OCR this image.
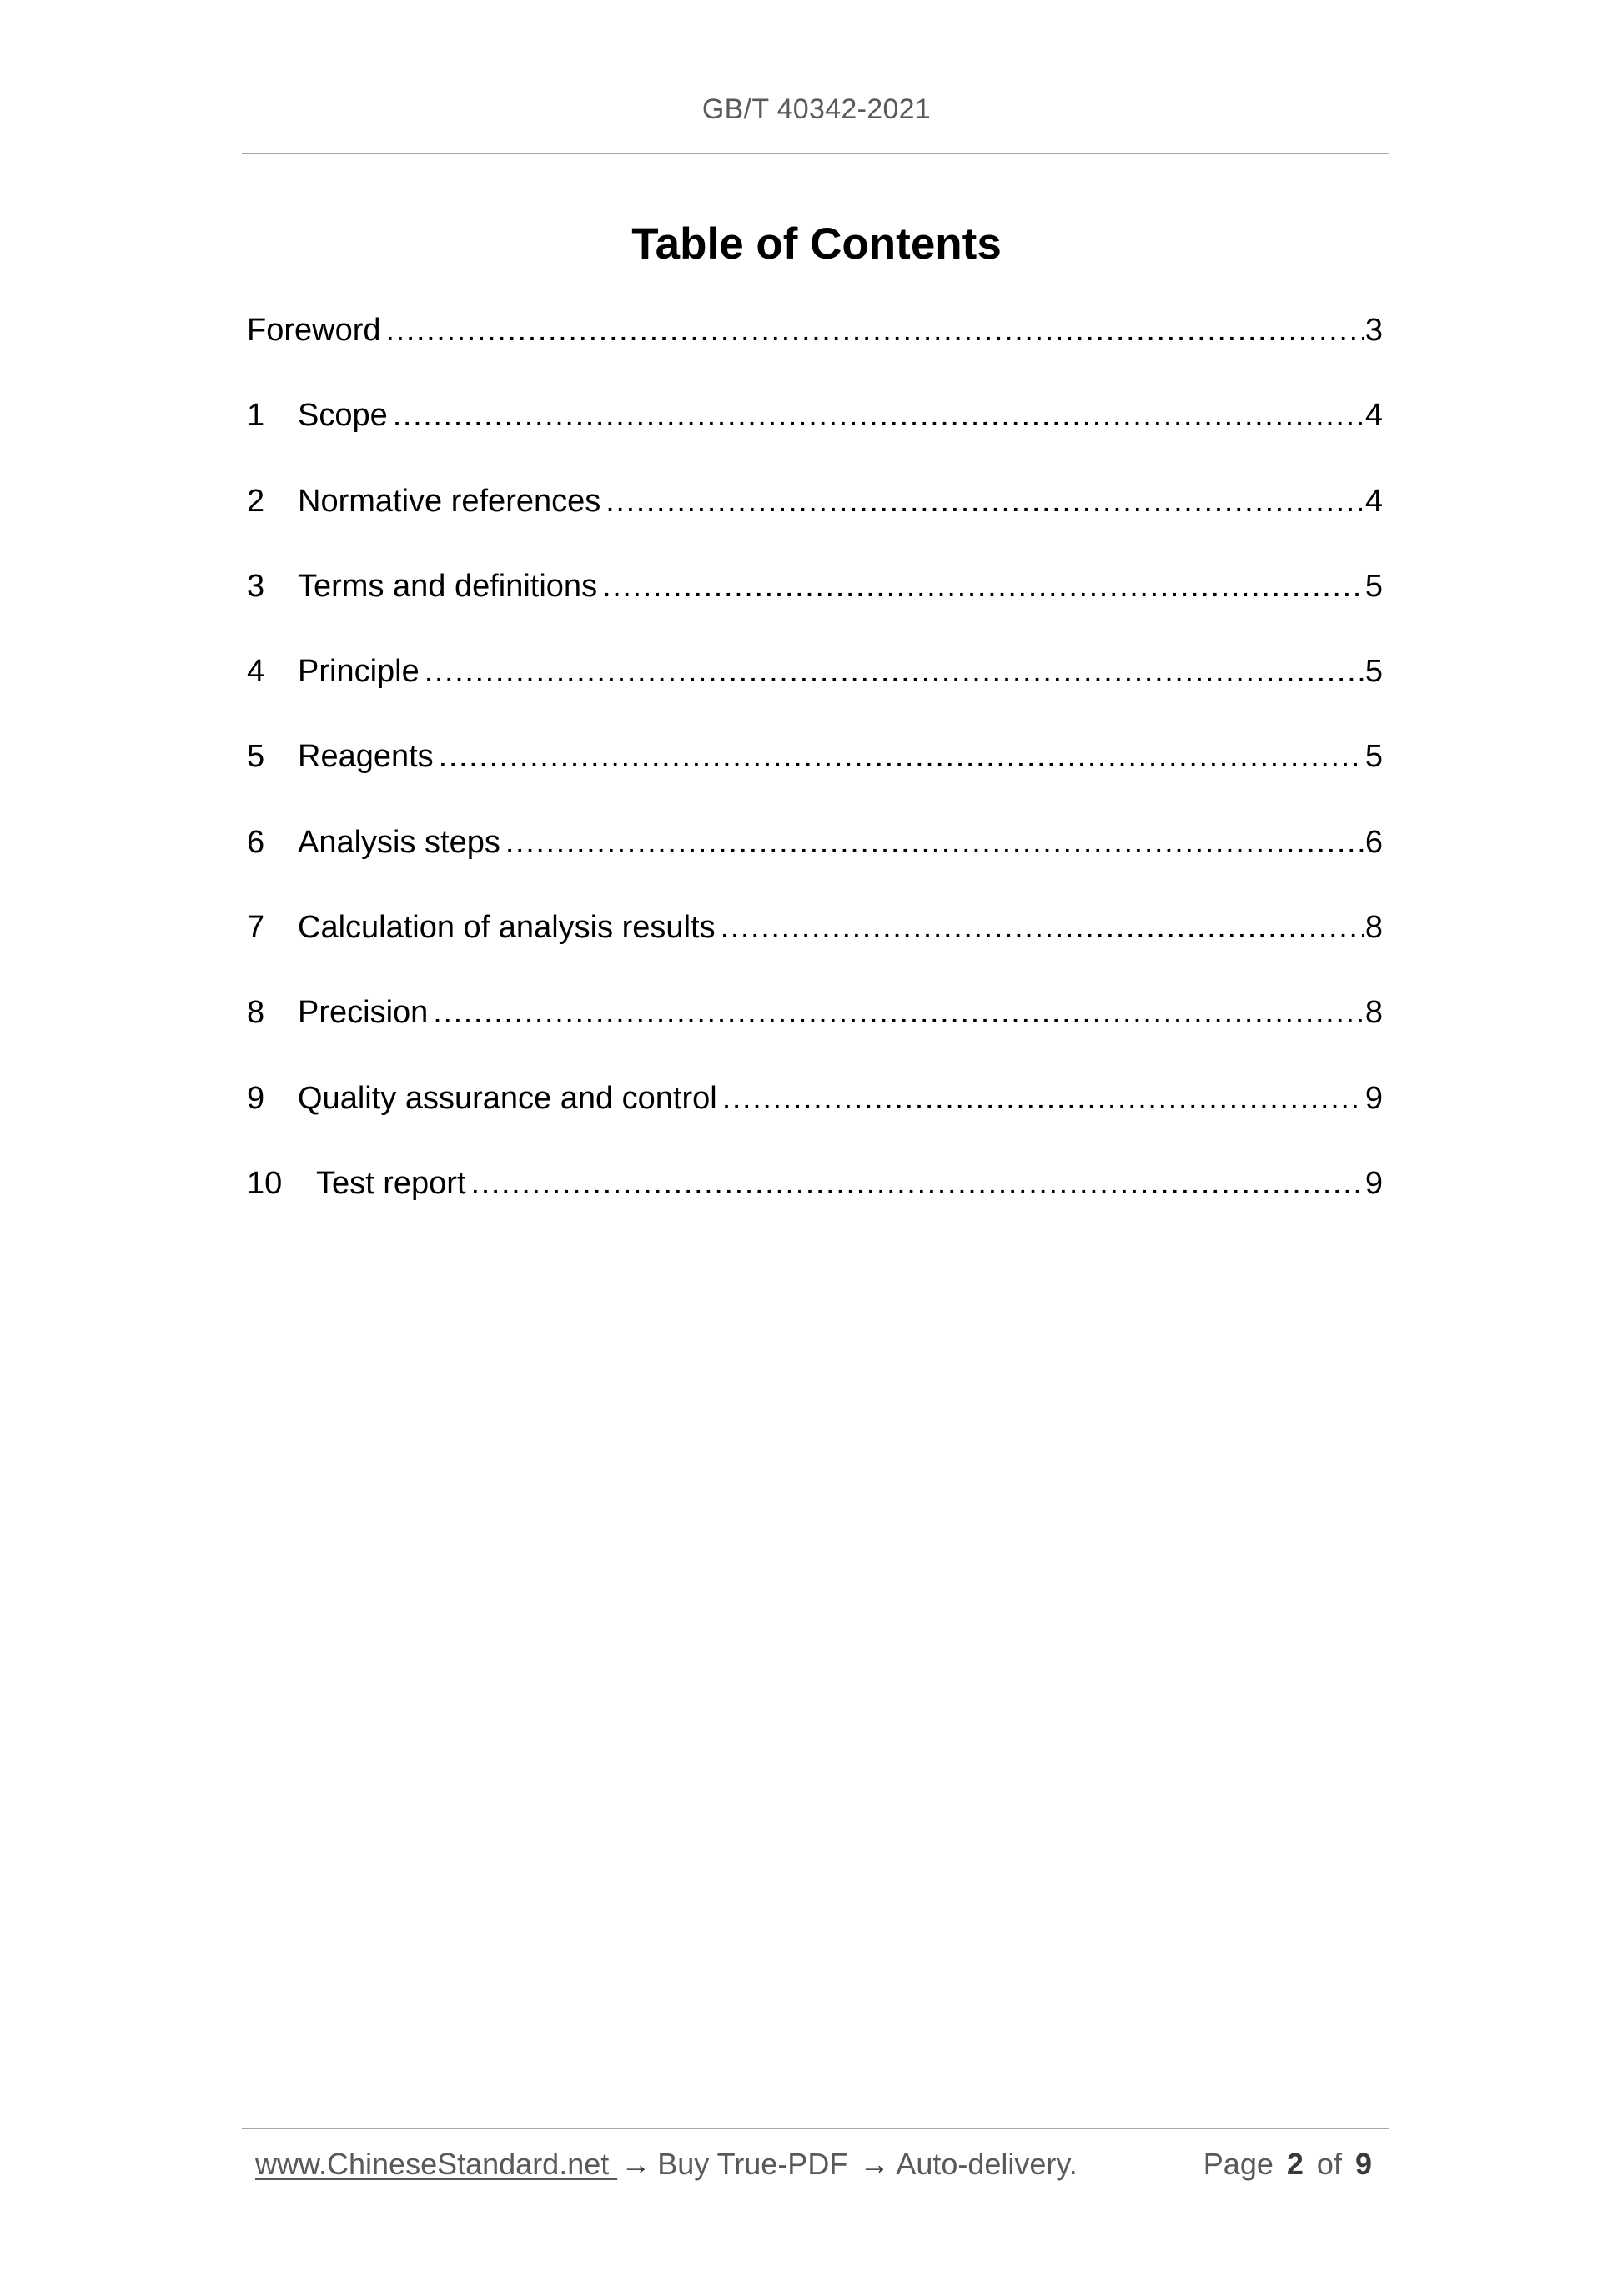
GB/T 40342-2021
Table of Contents
Foreword .....	3
1	Scope .....	4
2	Normative references .....	4
3	Terms and definitions .....	5
4	Principle .....	5
5	Reagents .....	5
6	Analysis steps .....	6
7	Calculation of analysis results .....	8
8	Precision .....	8
9	Quality assurance and control .....	9
10	Test report .....	9
www.ChineseStandard.net → Buy True-PDF → Auto-delivery.	Page 2 of 9
